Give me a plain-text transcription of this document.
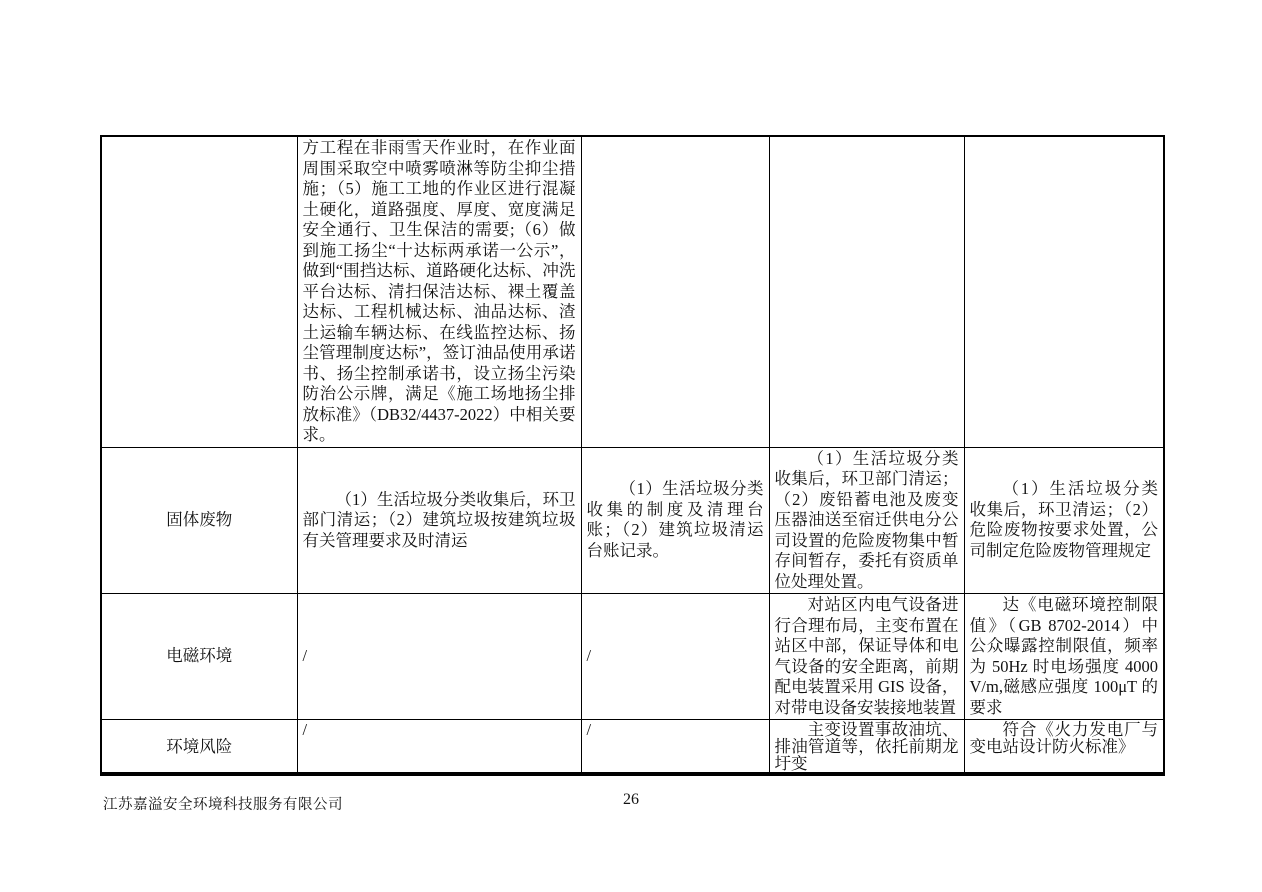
	方工程在非雨雪天作业时，在作业面周围采取空中喷雾喷淋等防尘抑尘措施；（5）施工工地的作业区进行混凝土硬化，道路强度、厚度、宽度满足安全通行、卫生保洁的需要;（6）做到施工扬尘“十达标两承诺一公示”，做到“围挡达标、道路硬化达标、冲洗平台达标、清扫保洁达标、裸土覆盖达标、工程机械达标、油品达标、渣土运输车辆达标、在线监控达标、扬尘管理制度达标”，签订油品使用承诺书、扬尘控制承诺书，设立扬尘污染防治公示牌，满足《施工场地扬尘排放标准》（DB32/4437-2022）中相关要求。			
固体废物	（1）生活垃圾分类收集后，环卫部门清运；（2）建筑垃圾按建筑垃圾有关管理要求及时清运	（1）生活垃圾分类收集的制度及清理台账；（2）建筑垃圾清运台账记录。	（1）生活垃圾分类收集后，环卫部门清运；（2）废铅蓄电池及废变压器油送至宿迁供电分公司设置的危险废物集中暂存间暂存，委托有资质单位处理处置。	（1）生活垃圾分类收集后，环卫清运；（2）危险废物按要求处置，公司制定危险废物管理规定
电磁环境	/	/	对站区内电气设备进行合理布局，主变布置在站区中部，保证导体和电气设备的安全距离，前期配电装置采用 GIS 设备，对带电设备安装接地装置	达《电磁环境控制限值》（GB 8702-2014）中公众曝露控制限值，频率为 50Hz 时电场强度 4000 V/m,磁感应强度 100μT 的要求
环境风险	/	/	主变设置事故油坑、排油管道等，依托前期龙圩变	符合《火力发电厂与变电站设计防火标准》
江苏嘉溢安全环境科技服务有限公司	26
